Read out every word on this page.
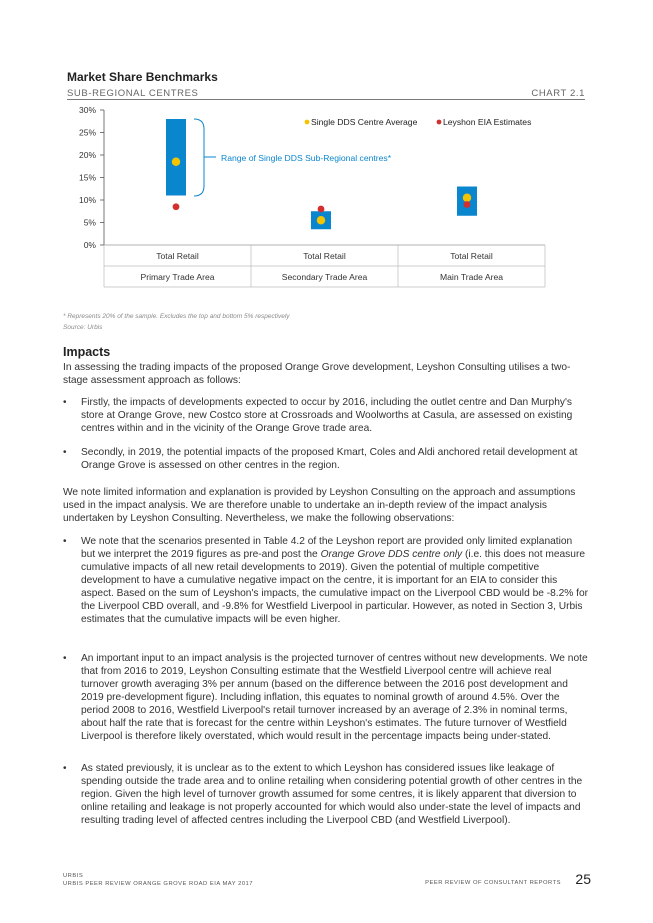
Market Share Benchmarks
SUB-REGIONAL CENTRES	CHART 2.1
0%
5%
10%
15%
20%
25%
30%
Total Retail
Primary Trade Area
Total Retail
Secondary Trade Area
Total Retail
Main Trade Area
Range of Single DDS Sub-Regional centres*
Single DDS Centre Average	Leyshon EIA Estimates
* Represents 20% of the sample. Excludes the top and bottom 5% respectively
Source: Urbis
Impacts

In assessing the trading impacts of the proposed Orange Grove development, Leyshon Consulting utilises a two-stage assessment approach as follows:

• Firstly, the impacts of developments expected to occur by 2016, including the outlet centre and Dan Murphy's store at Orange Grove, new Costco store at Crossroads and Woolworths at Casula, are assessed on existing centres within and in the vicinity of the Orange Grove trade area.

• Secondly, in 2019, the potential impacts of the proposed Kmart, Coles and Aldi anchored retail development at Orange Grove is assessed on other centres in the region.

We note limited information and explanation is provided by Leyshon Consulting on the approach and assumptions used in the impact analysis. We are therefore unable to undertake an in-depth review of the impact analysis undertaken by Leyshon Consulting. Nevertheless, we make the following observations:

• We note that the scenarios presented in Table 4.2 of the Leyshon report are provided only limited explanation but we interpret the 2019 figures as pre-and post the Orange Grove DDS centre only (i.e. this does not measure cumulative impacts of all new retail developments to 2019). Given the potential of multiple competitive development to have a cumulative negative impact on the centre, it is important for an EIA to consider this aspect. Based on the sum of Leyshon's impacts, the cumulative impact on the Liverpool CBD would be -8.2% for the Liverpool CBD overall, and -9.8% for Westfield Liverpool in particular. However, as noted in Section 3, Urbis estimates that the cumulative impacts will be even higher.

• An important input to an impact analysis is the projected turnover of centres without new developments. We note that from 2016 to 2019, Leyshon Consulting estimate that the Westfield Liverpool centre will achieve real turnover growth averaging 3% per annum (based on the difference between the 2016 post development and 2019 pre-development figure). Including inflation, this equates to nominal growth of around 4.5%. Over the period 2008 to 2016, Westfield Liverpool's retail turnover increased by an average of 2.3% in nominal terms, about half the rate that is forecast for the centre within Leyshon's estimates. The future turnover of Westfield Liverpool is therefore likely overstated, which would result in the percentage impacts being under-stated.

• As stated previously, it is unclear as to the extent to which Leyshon has considered issues like leakage of spending outside the trade area and to online retailing when considering potential growth of other centres in the region. Given the high level of turnover growth assumed for some centres, it is likely apparent that diversion to online retailing and leakage is not properly accounted for which would also under-state the level of impacts and resulting trading level of affected centres including the Liverpool CBD (and Westfield Liverpool).

URBIS
URBIS PEER REVIEW ORANGE GROVE ROAD EIA MAY 2017	PEER REVIEW OF CONSULTANT REPORTS 25
